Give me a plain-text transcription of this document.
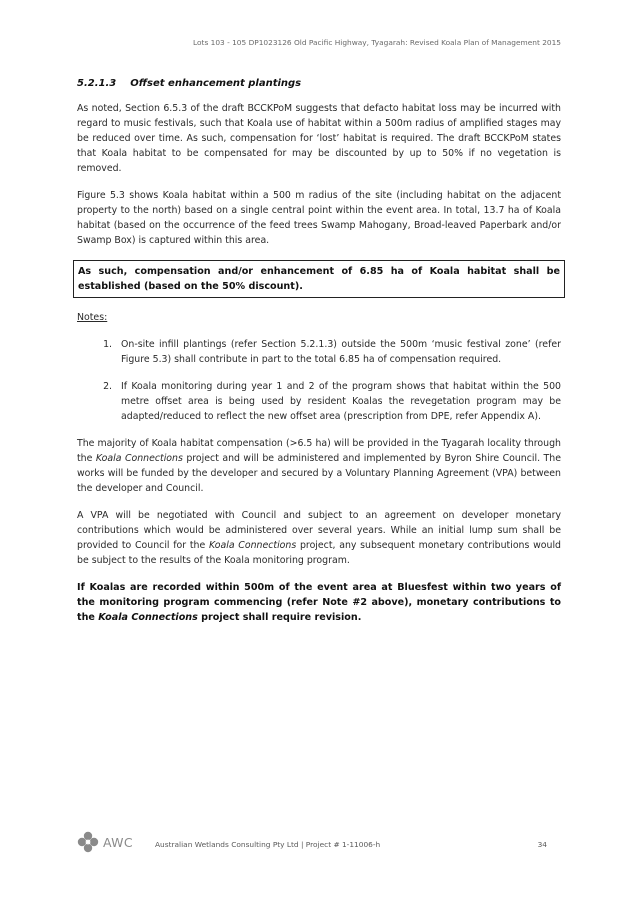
Lots 103 - 105 DP1023126 Old Pacific Highway, Tyagarah: Revised Koala Plan of Management 2015
5.2.1.3 Offset enhancement plantings

As noted, Section 6.5.3 of the draft BCCKPoM suggests that defacto habitat loss may be incurred with regard to music festivals, such that Koala use of habitat within a 500m radius of amplified stages may be reduced over time. As such, compensation for ‘lost’ habitat is required. The draft BCCKPoM states that Koala habitat to be compensated for may be discounted by up to 50% if no vegetation is removed.

Figure 5.3 shows Koala habitat within a 500 m radius of the site (including habitat on the adjacent property to the north) based on a single central point within the event area. In total, 13.7 ha of Koala habitat (based on the occurrence of the feed trees Swamp Mahogany, Broad-leaved Paperbark and/or Swamp Box) is captured within this area.

As such, compensation and/or enhancement of 6.85 ha of Koala habitat shall be established (based on the 50% discount).

Notes:

1. On-site infill plantings (refer Section 5.2.1.3) outside the 500m ‘music festival zone’ (refer Figure 5.3) shall contribute in part to the total 6.85 ha of compensation required.
2. If Koala monitoring during year 1 and 2 of the program shows that habitat within the 500 metre offset area is being used by resident Koalas the revegetation program may be adapted/reduced to reflect the new offset area (prescription from DPE, refer Appendix A).

The majority of Koala habitat compensation (>6.5 ha) will be provided in the Tyagarah locality through the Koala Connections project and will be administered and implemented by Byron Shire Council. The works will be funded by the developer and secured by a Voluntary Planning Agreement (VPA) between the developer and Council.

A VPA will be negotiated with Council and subject to an agreement on developer monetary contributions which would be administered over several years. While an initial lump sum shall be provided to Council for the Koala Connections project, any subsequent monetary contributions would be subject to the results of the Koala monitoring program.

If Koalas are recorded within 500m of the event area at Bluesfest within two years of the monitoring program commencing (refer Note #2 above), monetary contributions to the Koala Connections project shall require revision.

AWC	Australian Wetlands Consulting Pty Ltd | Project # 1-11006-h	34
